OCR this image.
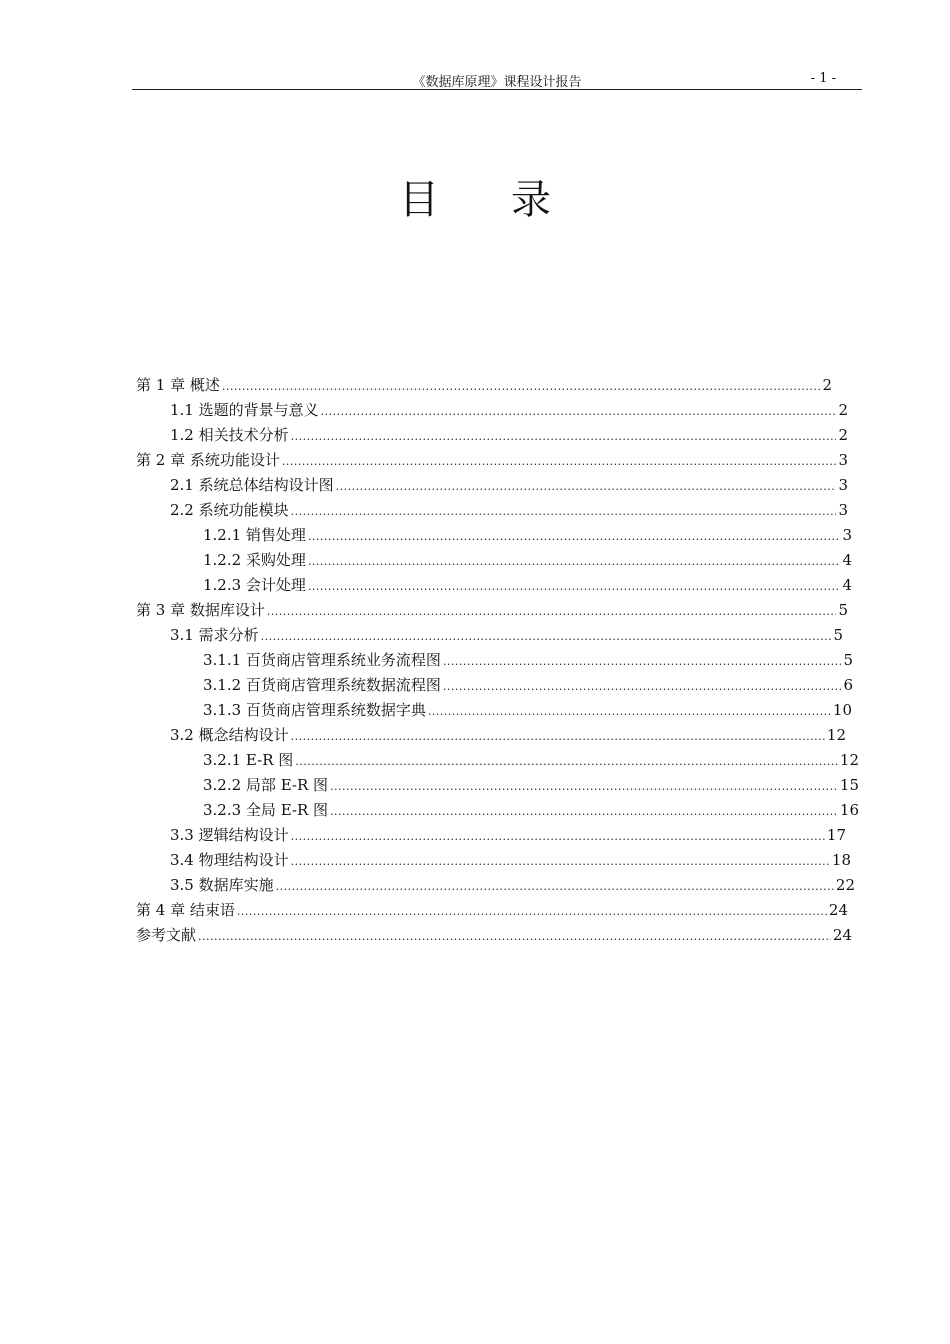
《数据库原理》课程设计报告	- 1 -
目 录
第 1 章 概述 .....	2
1.1 选题的背景与意义 .....	2
1.2 相关技术分析 .....	2
第 2 章 系统功能设计 .....	3
2.1 系统总体结构设计图 .....	3
2.2 系统功能模块 .....	3
1.2.1 销售处理 .....	3
1.2.2 采购处理 .....	4
1.2.3 会计处理 .....	4
第 3 章 数据库设计 .....	5
3.1 需求分析 .....	5
3.1.1 百货商店管理系统业务流程图 .....	5
3.1.2 百货商店管理系统数据流程图 .....	6
3.1.3 百货商店管理系统数据字典 .....	10
3.2 概念结构设计 .....	12
3.2.1 E-R 图 .....	12
3.2.2 局部 E-R 图 .....	15
3.2.3 全局 E-R 图 .....	16
3.3 逻辑结构设计 .....	17
3.4 物理结构设计 .....	18
3.5 数据库实施 .....	22
第 4 章 结束语 .....	24
参考文献 .....	24
